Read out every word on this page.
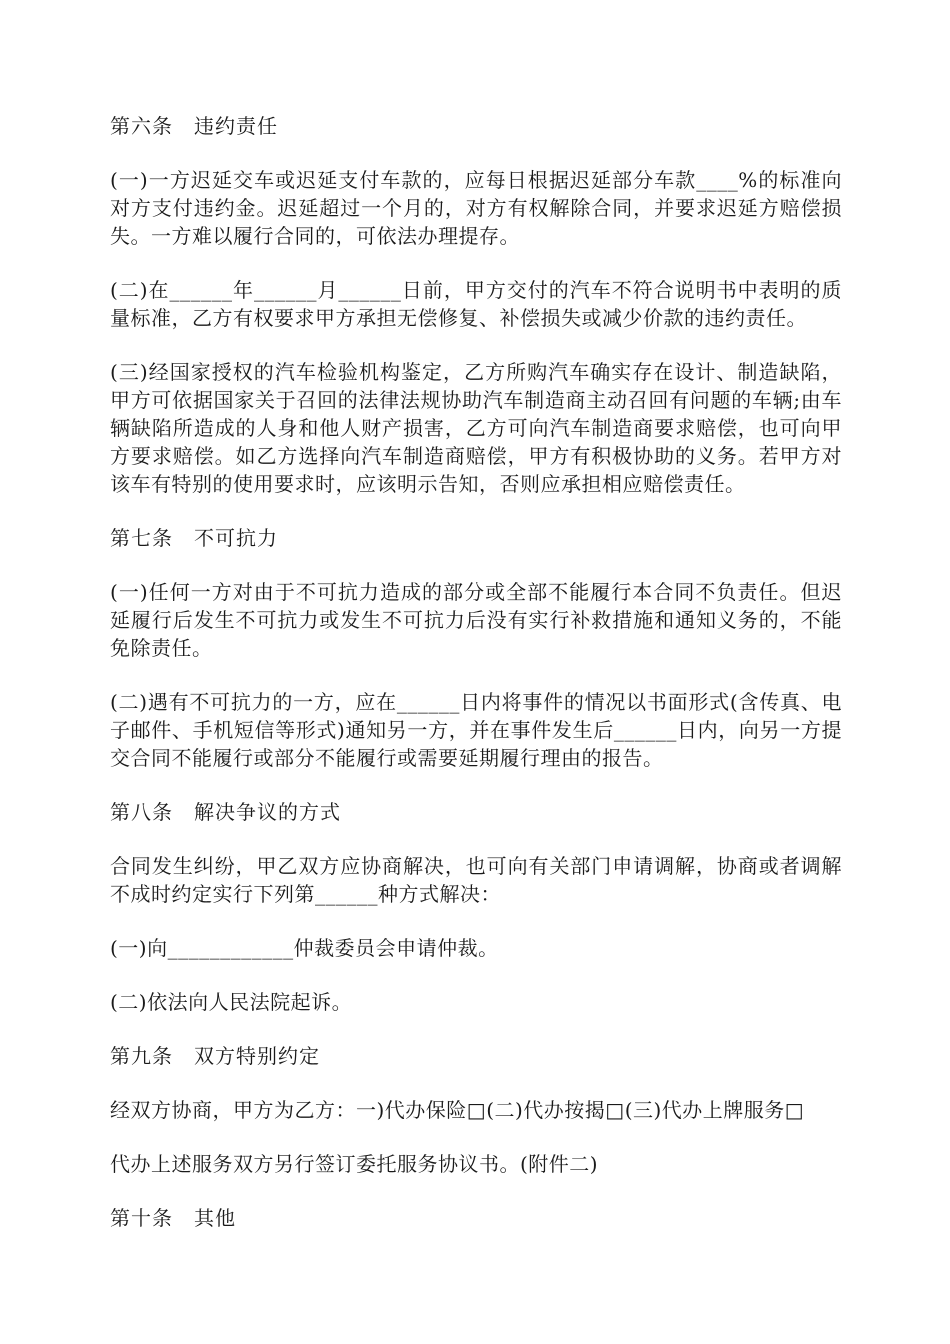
第六条　违约责任
(一)一方迟延交车或迟延支付车款的，应每日根据迟延部分车款____%的标准向对方支付违约金。迟延超过一个月的，对方有权解除合同，并要求迟延方赔偿损失。一方难以履行合同的，可依法办理提存。
(二)在______年______月______日前，甲方交付的汽车不符合说明书中表明的质量标准，乙方有权要求甲方承担无偿修复、补偿损失或减少价款的违约责任。
(三)经国家授权的汽车检验机构鉴定，乙方所购汽车确实存在设计、制造缺陷，甲方可依据国家关于召回的法律法规协助汽车制造商主动召回有问题的车辆;由车辆缺陷所造成的人身和他人财产损害，乙方可向汽车制造商要求赔偿，也可向甲方要求赔偿。如乙方选择向汽车制造商赔偿，甲方有积极协助的义务。若甲方对该车有特别的使用要求时，应该明示告知，否则应承担相应赔偿责任。
第七条　不可抗力
(一)任何一方对由于不可抗力造成的部分或全部不能履行本合同不负责任。但迟延履行后发生不可抗力或发生不可抗力后没有实行补救措施和通知义务的，不能免除责任。
(二)遇有不可抗力的一方，应在______日内将事件的情况以书面形式(含传真、电子邮件、手机短信等形式)通知另一方，并在事件发生后______日内，向另一方提交合同不能履行或部分不能履行或需要延期履行理由的报告。
第八条　解决争议的方式
合同发生纠纷，甲乙双方应协商解决，也可向有关部门申请调解，协商或者调解不成时约定实行下列第______种方式解决：
(一)向____________仲裁委员会申请仲裁。
(二)依法向人民法院起诉。
第九条　双方特别约定
经双方协商，甲方为乙方：一)代办保险□(二)代办按揭□(三)代办上牌服务□
代办上述服务双方另行签订委托服务协议书。(附件二)
第十条　其他
